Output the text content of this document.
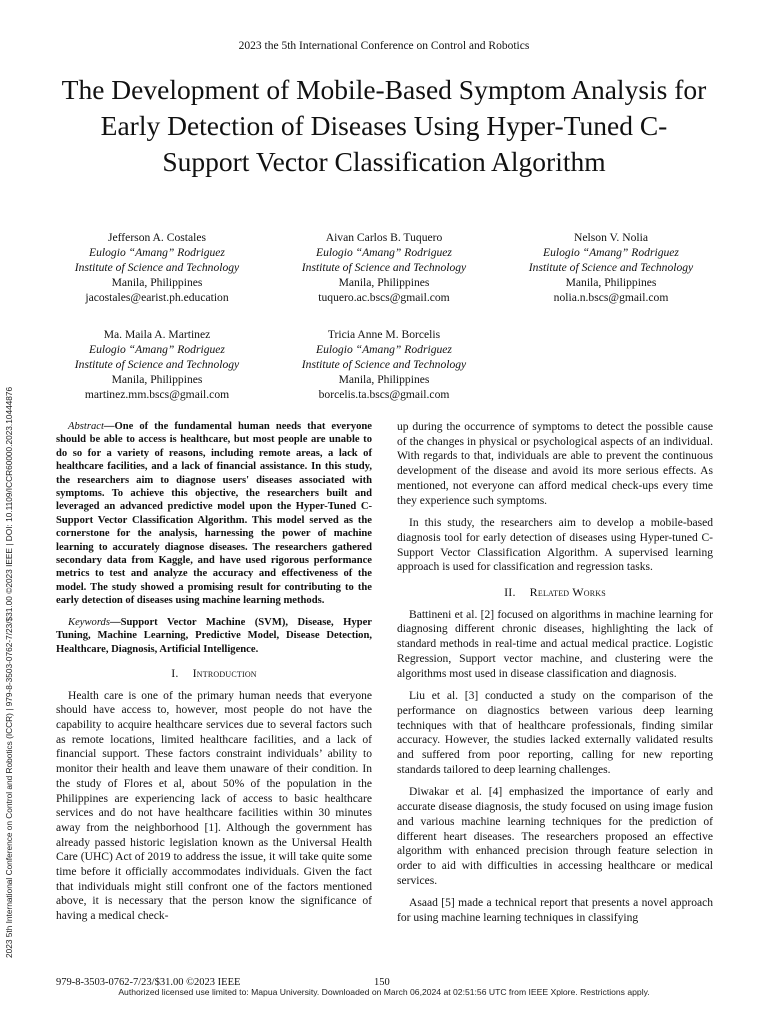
2023 the 5th International Conference on Control and Robotics
The Development of Mobile-Based Symptom Analysis for Early Detection of Diseases Using Hyper-Tuned C-Support Vector Classification Algorithm
Jefferson A. Costales
Eulogio “Amang” Rodriguez
Institute of Science and Technology
Manila, Philippines
jacostales@earist.ph.education
Aivan Carlos B. Tuquero
Eulogio “Amang” Rodriguez
Institute of Science and Technology
Manila, Philippines
tuquero.ac.bscs@gmail.com
Nelson V. Nolia
Eulogio “Amang” Rodriguez
Institute of Science and Technology
Manila, Philippines
nolia.n.bscs@gmail.com
Ma. Maila A. Martinez
Eulogio “Amang” Rodriguez
Institute of Science and Technology
Manila, Philippines
martinez.mm.bscs@gmail.com
Tricia Anne M. Borcelis
Eulogio “Amang” Rodriguez
Institute of Science and Technology
Manila, Philippines
borcelis.ta.bscs@gmail.com
2023 5th International Conference on Control and Robotics (ICCR) | 979-8-3503-0762-7/23/$31.00 ©2023 IEEE | DOI: 10.1109/ICCR60000.2023.10444876	Abstract—One of the fundamental human needs that everyone should be able to access is healthcare, but most people are unable to do so for a variety of reasons, including remote areas, a lack of healthcare facilities, and a lack of financial assistance. In this study, the researchers aim to diagnose users' diseases associated with symptoms. To achieve this objective, the researchers built and leveraged an advanced predictive model upon the Hyper-Tuned C-Support Vector Classification Algorithm. This model served as the cornerstone for the analysis, harnessing the power of machine learning to accurately diagnose diseases. The researchers gathered secondary data from Kaggle, and have used rigorous performance metrics to test and analyze the accuracy and effectiveness of the model. The study showed a promising result for contributing to the early detection of diseases using machine learning methods.

Keywords—Support Vector Machine (SVM), Disease, Hyper Tuning, Machine Learning, Predictive Model, Disease Detection, Healthcare, Diagnosis, Artificial Intelligence.

I. Introduction

Health care is one of the primary human needs that everyone should have access to, however, most people do not have the capability to acquire healthcare services due to several factors such as remote locations, limited healthcare facilities, and a lack of financial support. These factors constraint individuals’ ability to monitor their health and leave them unaware of their condition. In the study of Flores et al, about 50% of the population in the Philippines are experiencing lack of access to basic healthcare services and do not have healthcare facilities within 30 minutes away from the neighborhood [1]. Although the government has already passed historic legislation known as the Universal Health Care (UHC) Act of 2019 to address the issue, it will take quite some time before it officially accommodates individuals. Given the fact that individuals might still confront one of the factors mentioned above, it is necessary that the person know the significance of having a medical check-

up during the occurrence of symptoms to detect the possible cause of the changes in physical or psychological aspects of an individual. With regards to that, individuals are able to prevent the continuous development of the disease and avoid its more serious effects. As mentioned, not everyone can afford medical check-ups every time they experience such symptoms.

In this study, the researchers aim to develop a mobile-based diagnosis tool for early detection of diseases using Hyper-tuned C-Support Vector Classification Algorithm. A supervised learning approach is used for classification and regression tasks.

II. Related Works

Battineni et al. [2] focused on algorithms in machine learning for diagnosing different chronic diseases, highlighting the lack of standard methods in real-time and actual medical practice. Logistic Regression, Support vector machine, and clustering were the algorithms most used in disease classification and diagnosis.

Liu et al. [3] conducted a study on the comparison of the performance on diagnostics between various deep learning techniques with that of healthcare professionals, finding similar accuracy. However, the studies lacked externally validated results and suffered from poor reporting, calling for new reporting standards tailored to deep learning challenges.

Diwakar et al. [4] emphasized the importance of early and accurate disease diagnosis, the study focused on using image fusion and various machine learning techniques for the prediction of different heart diseases. The researchers proposed an effective algorithm with enhanced precision through feature selection in order to aid with difficulties in accessing healthcare or medical services.

Asaad [5] made a technical report that presents a novel approach for using machine learning techniques in classifying

979-8-3503-0762-7/23/$31.00 ©2023 IEEE	150
Authorized licensed use limited to: Mapua University. Downloaded on March 06,2024 at 02:51:56 UTC from IEEE Xplore. Restrictions apply.
